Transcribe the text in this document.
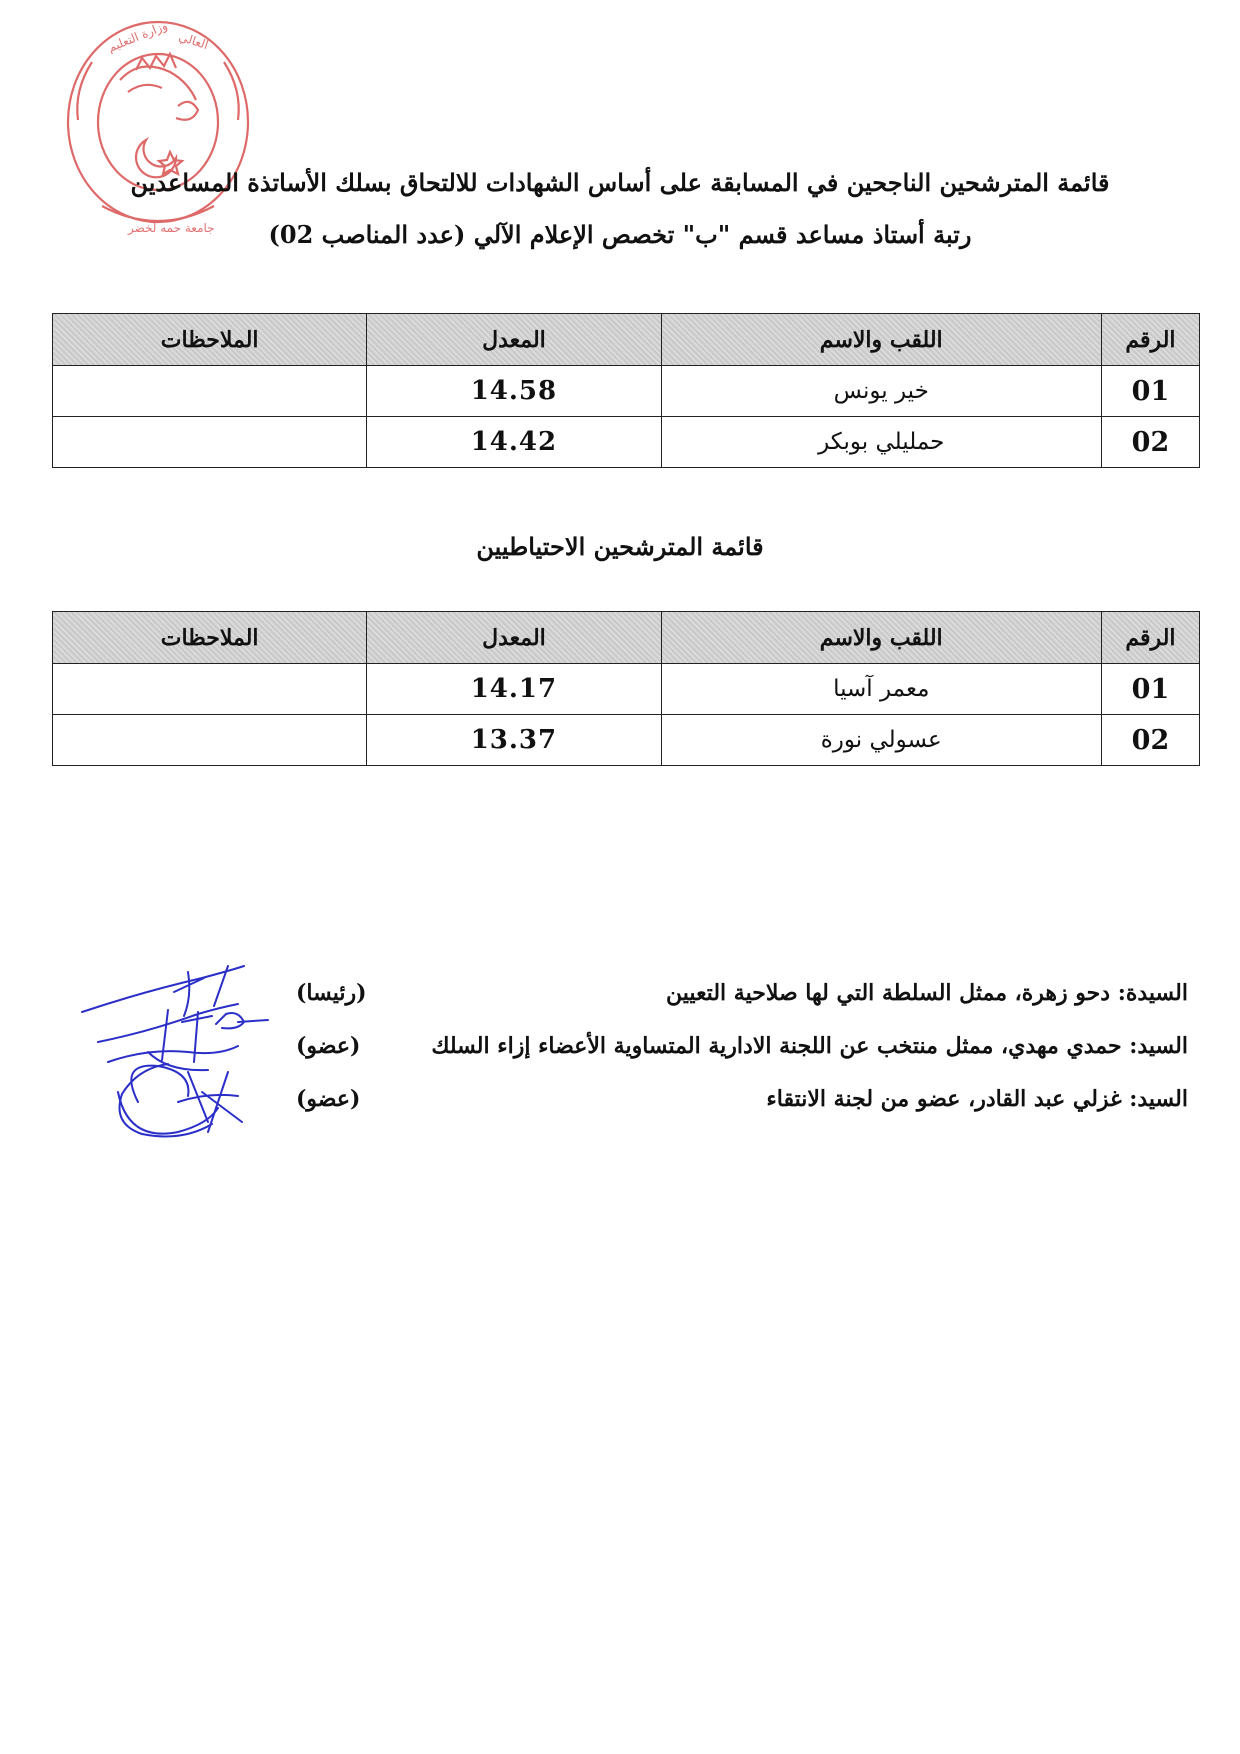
وزارة التعليم العالي
جامعة حمه لخضر
قائمة المترشحين الناجحين في المسابقة على أساس الشهادات للالتحاق بسلك الأساتذة المساعدين
رتبة أستاذ مساعد قسم "ب" تخصص الإعلام الآلي (عدد المناصب 02)
الرقم	اللقب والاسم	المعدل	الملاحظات
01	خير يونس	14.58	
02	حمليلي بوبكر	14.42	
قائمة المترشحين الاحتياطيين
الرقم	اللقب والاسم	المعدل	الملاحظات
01	معمر آسيا	14.17	
02	عسولي نورة	13.37	
السيدة: دحو زهرة، ممثل السلطة التي لها صلاحية التعيين
(رئيسا)
السيد: حمدي مهدي، ممثل منتخب عن اللجنة الادارية المتساوية الأعضاء إزاء السلك
(عضو)
السيد: غزلي عبد القادر، عضو من لجنة الانتقاء
(عضو)
